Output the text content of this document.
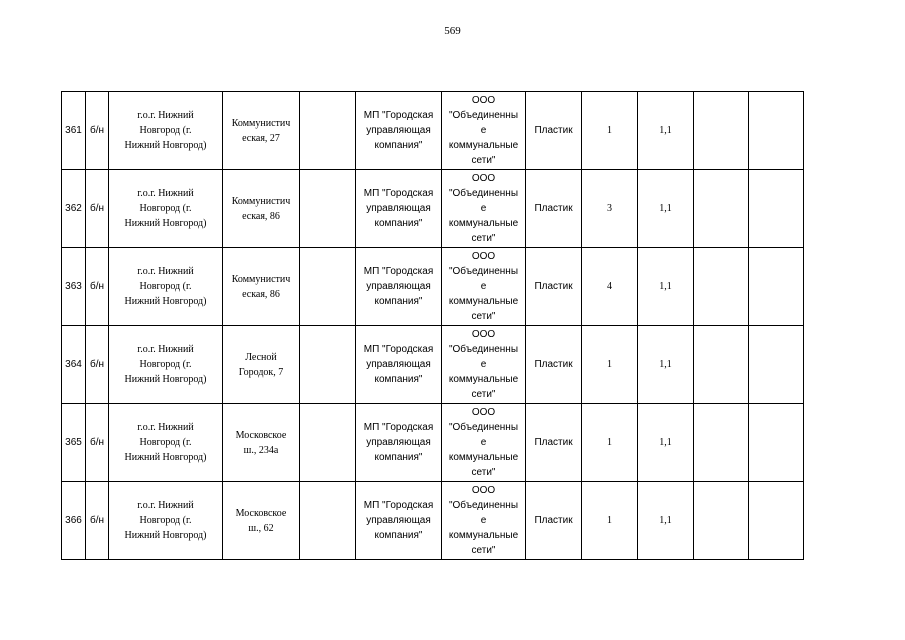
569
361	б/н	г.о.г. Нижний
Новгород (г.
Нижний Новгород)	Коммунистич
еская, 27		МП "Городская
управляющая
компания"	ООО
"Объединенны
е
коммунальные
сети"	Пластик	1	1,1		
362	б/н	г.о.г. Нижний
Новгород (г.
Нижний Новгород)	Коммунистич
еская, 86		МП "Городская
управляющая
компания"	ООО
"Объединенны
е
коммунальные
сети"	Пластик	3	1,1		
363	б/н	г.о.г. Нижний
Новгород (г.
Нижний Новгород)	Коммунистич
еская, 86		МП "Городская
управляющая
компания"	ООО
"Объединенны
е
коммунальные
сети"	Пластик	4	1,1		
364	б/н	г.о.г. Нижний
Новгород (г.
Нижний Новгород)	Лесной
Городок, 7		МП "Городская
управляющая
компания"	ООО
"Объединенны
е
коммунальные
сети"	Пластик	1	1,1		
365	б/н	г.о.г. Нижний
Новгород (г.
Нижний Новгород)	Московское
ш., 234а		МП "Городская
управляющая
компания"	ООО
"Объединенны
е
коммунальные
сети"	Пластик	1	1,1		
366	б/н	г.о.г. Нижний
Новгород (г.
Нижний Новгород)	Московское
ш., 62		МП "Городская
управляющая
компания"	ООО
"Объединенны
е
коммунальные
сети"	Пластик	1	1,1		
